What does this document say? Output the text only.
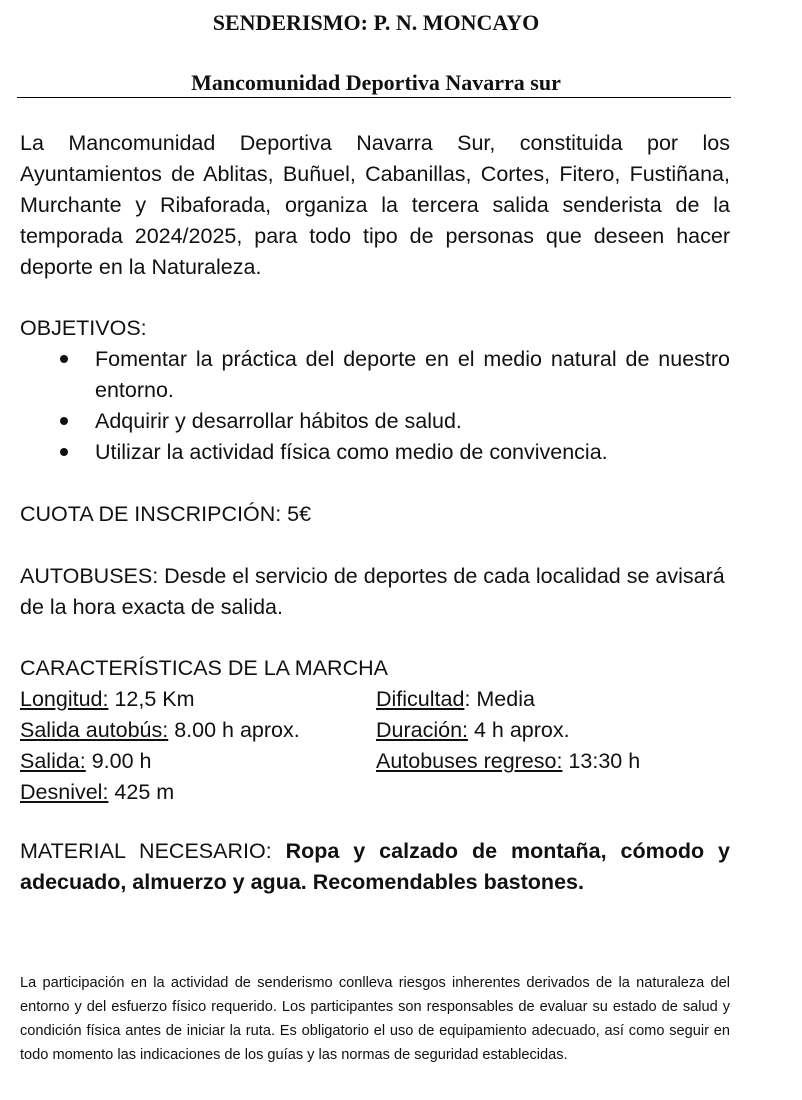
SENDERISMO: P. N. MONCAYO
Mancomunidad Deportiva Navarra sur

La Mancomunidad Deportiva Navarra Sur, constituida por los Ayuntamientos de Ablitas, Buñuel, Cabanillas, Cortes, Fitero, Fustiñana, Murchante y Ribaforada, organiza la tercera salida senderista de la temporada 2024/2025, para todo tipo de personas que deseen hacer deporte en la Naturaleza.

OBJETIVOS:

Fomentar la práctica del deporte en el medio natural de nuestro entorno.
Adquirir y desarrollar hábitos de salud.
Utilizar la actividad física como medio de convivencia.

CUOTA DE INSCRIPCIÓN: 5€

AUTOBUSES: Desde el servicio de deportes de cada localidad se avisará de la hora exacta de salida.

CARACTERÍSTICAS DE LA MARCHA

Longitud: 12,5 Km	Dificultad: Media
Salida autobús: 8.00 h aprox.	Duración: 4 h aprox.
Salida: 9.00 h	Autobuses regreso: 13:30 h
Desnivel: 425 m

MATERIAL NECESARIO: Ropa y calzado de montaña, cómodo y adecuado, almuerzo y agua. Recomendables bastones.

La participación en la actividad de senderismo conlleva riesgos inherentes derivados de la naturaleza del entorno y del esfuerzo físico requerido. Los participantes son responsables de evaluar su estado de salud y condición física antes de iniciar la ruta. Es obligatorio el uso de equipamiento adecuado, así como seguir en todo momento las indicaciones de los guías y las normas de seguridad establecidas.
